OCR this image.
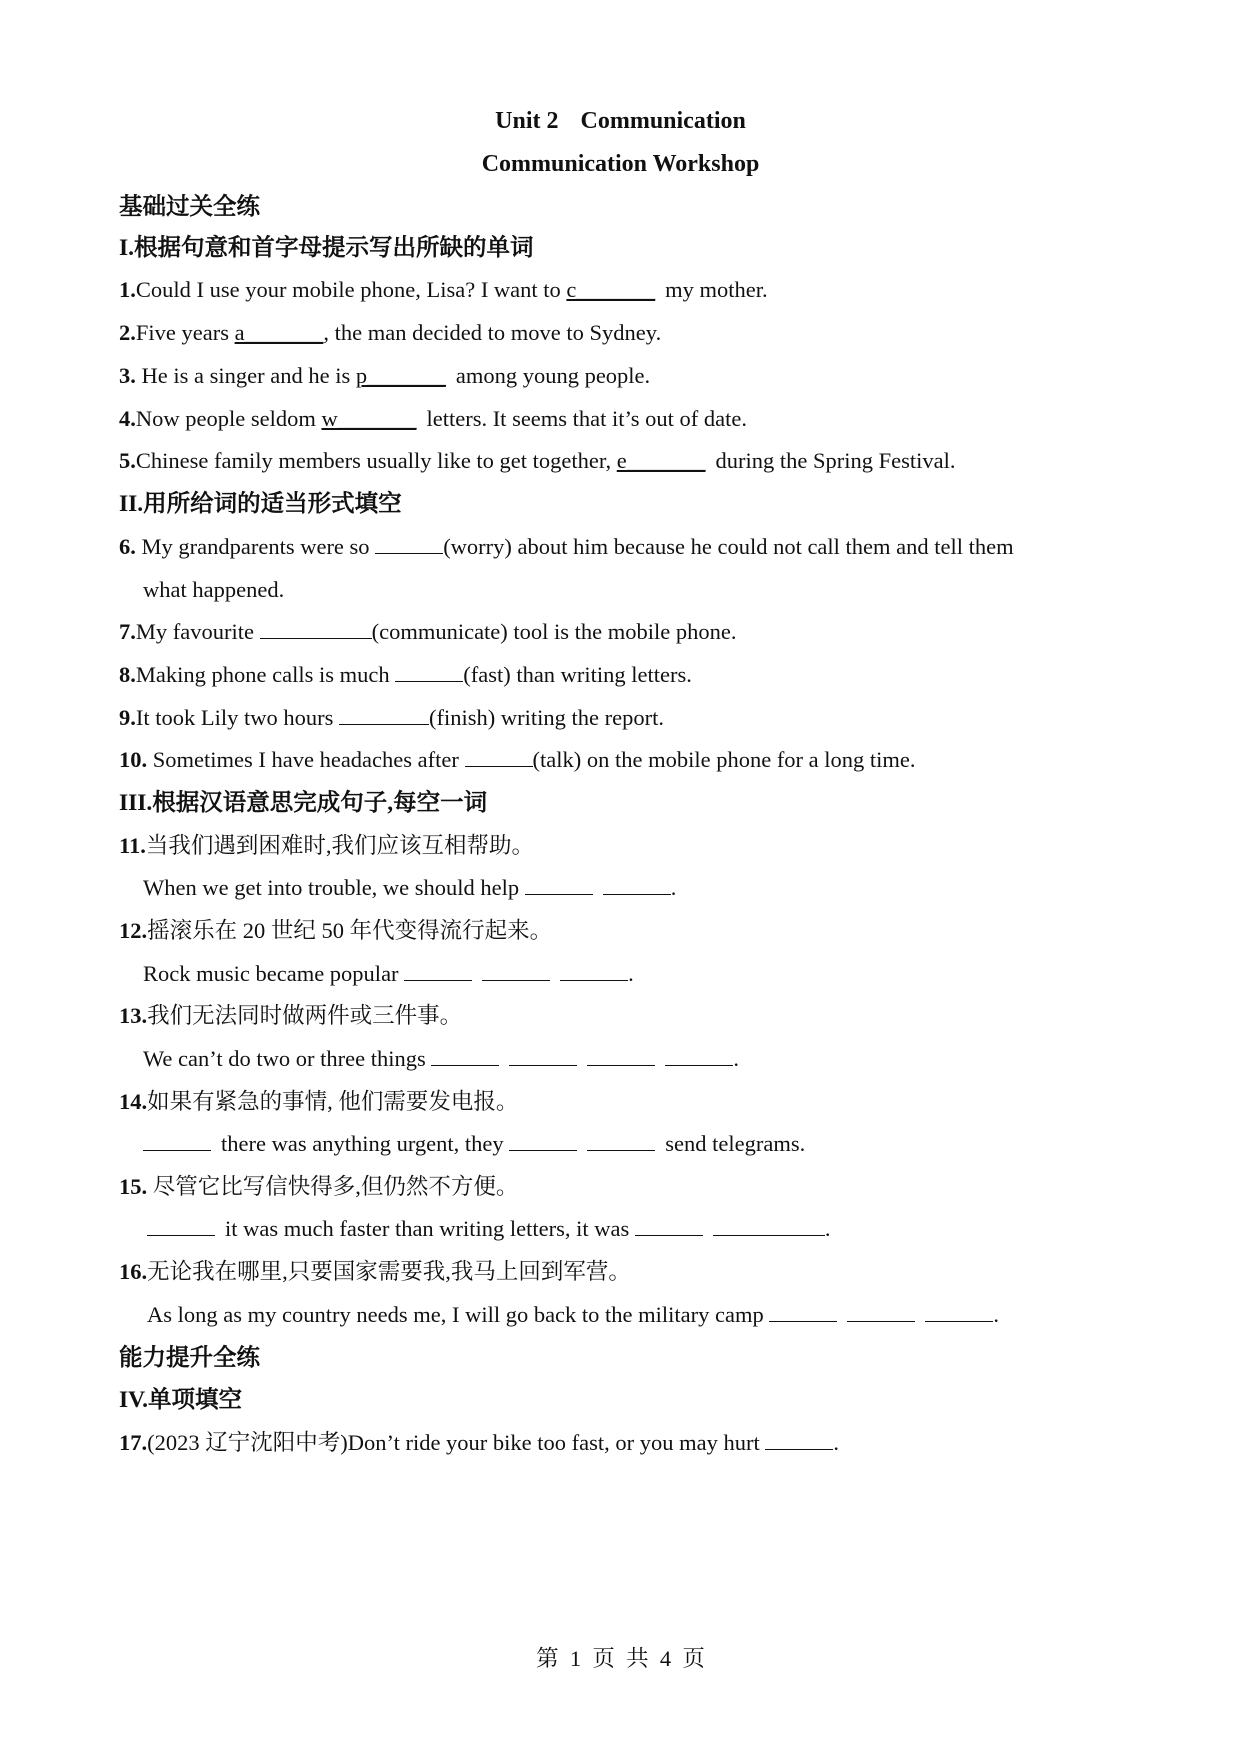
Unit 2 Communication
Communication Workshop
基础过关全练
I.根据句意和首字母提示写出所缺的单词
1.Could I use your mobile phone, Lisa? I want to c_______ my mother.
2.Five years a_______, the man decided to move to Sydney.
3. He is a singer and he is p_______ among young people.
4.Now people seldom w_______ letters. It seems that it’s out of date.
5.Chinese family members usually like to get together, e_______ during the Spring Festival.
II.用所给词的适当形式填空
6. My grandparents were so	(worry) about him because he could not call them and tell them
what happened.
7.My favourite	(communicate) tool is the mobile phone.
8.Making phone calls is much	(fast) than writing letters.
9.It took Lily two hours	(finish) writing the report.
10. Sometimes I have headaches after	(talk) on the mobile phone for a long time.
III.根据汉语意思完成句子,每空一词
11.当我们遇到困难时,我们应该互相帮助。
When we get into trouble, we should help	.
12.摇滚乐在 20 世纪 50 年代变得流行起来。
Rock music became popular	.
13.我们无法同时做两件或三件事。
We can’t do two or three things	.
14.如果有紧急的事情, 他们需要发电报。
there was anything urgent, they	send telegrams.
15. 尽管它比写信快得多,但仍然不方便。
it was much faster than writing letters, it was	.
16.无论我在哪里,只要国家需要我,我马上回到军营。
As long as my country needs me, I will go back to the military camp	.
能力提升全练
IV.单项填空
17.(2023 辽宁沈阳中考)Don’t ride your bike too fast, or you may hurt	.
第  1  页  共  4  页
